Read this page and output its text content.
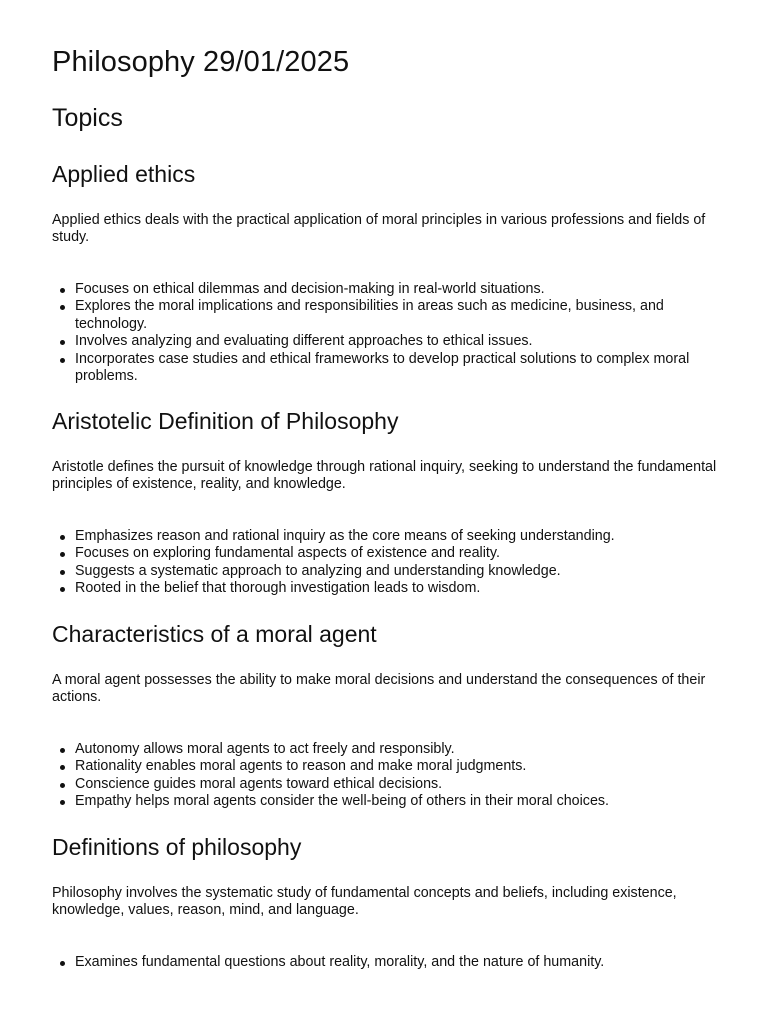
Philosophy 29/01/2025
Topics
Applied ethics

Applied ethics deals with the practical application of moral principles in various professions and fields of study.

Focuses on ethical dilemmas and decision-making in real-world situations.
Explores the moral implications and responsibilities in areas such as medicine, business, and technology.
Involves analyzing and evaluating different approaches to ethical issues.
Incorporates case studies and ethical frameworks to develop practical solutions to complex moral problems.
Aristotelic Definition of Philosophy

Aristotle defines the pursuit of knowledge through rational inquiry, seeking to understand the fundamental principles of existence, reality, and knowledge.

Emphasizes reason and rational inquiry as the core means of seeking understanding.
Focuses on exploring fundamental aspects of existence and reality.
Suggests a systematic approach to analyzing and understanding knowledge.
Rooted in the belief that thorough investigation leads to wisdom.
Characteristics of a moral agent

A moral agent possesses the ability to make moral decisions and understand the consequences of their actions.

Autonomy allows moral agents to act freely and responsibly.
Rationality enables moral agents to reason and make moral judgments.
Conscience guides moral agents toward ethical decisions.
Empathy helps moral agents consider the well-being of others in their moral choices.
Definitions of philosophy

Philosophy involves the systematic study of fundamental concepts and beliefs, including existence, knowledge, values, reason, mind, and language.

Examines fundamental questions about reality, morality, and the nature of humanity.
